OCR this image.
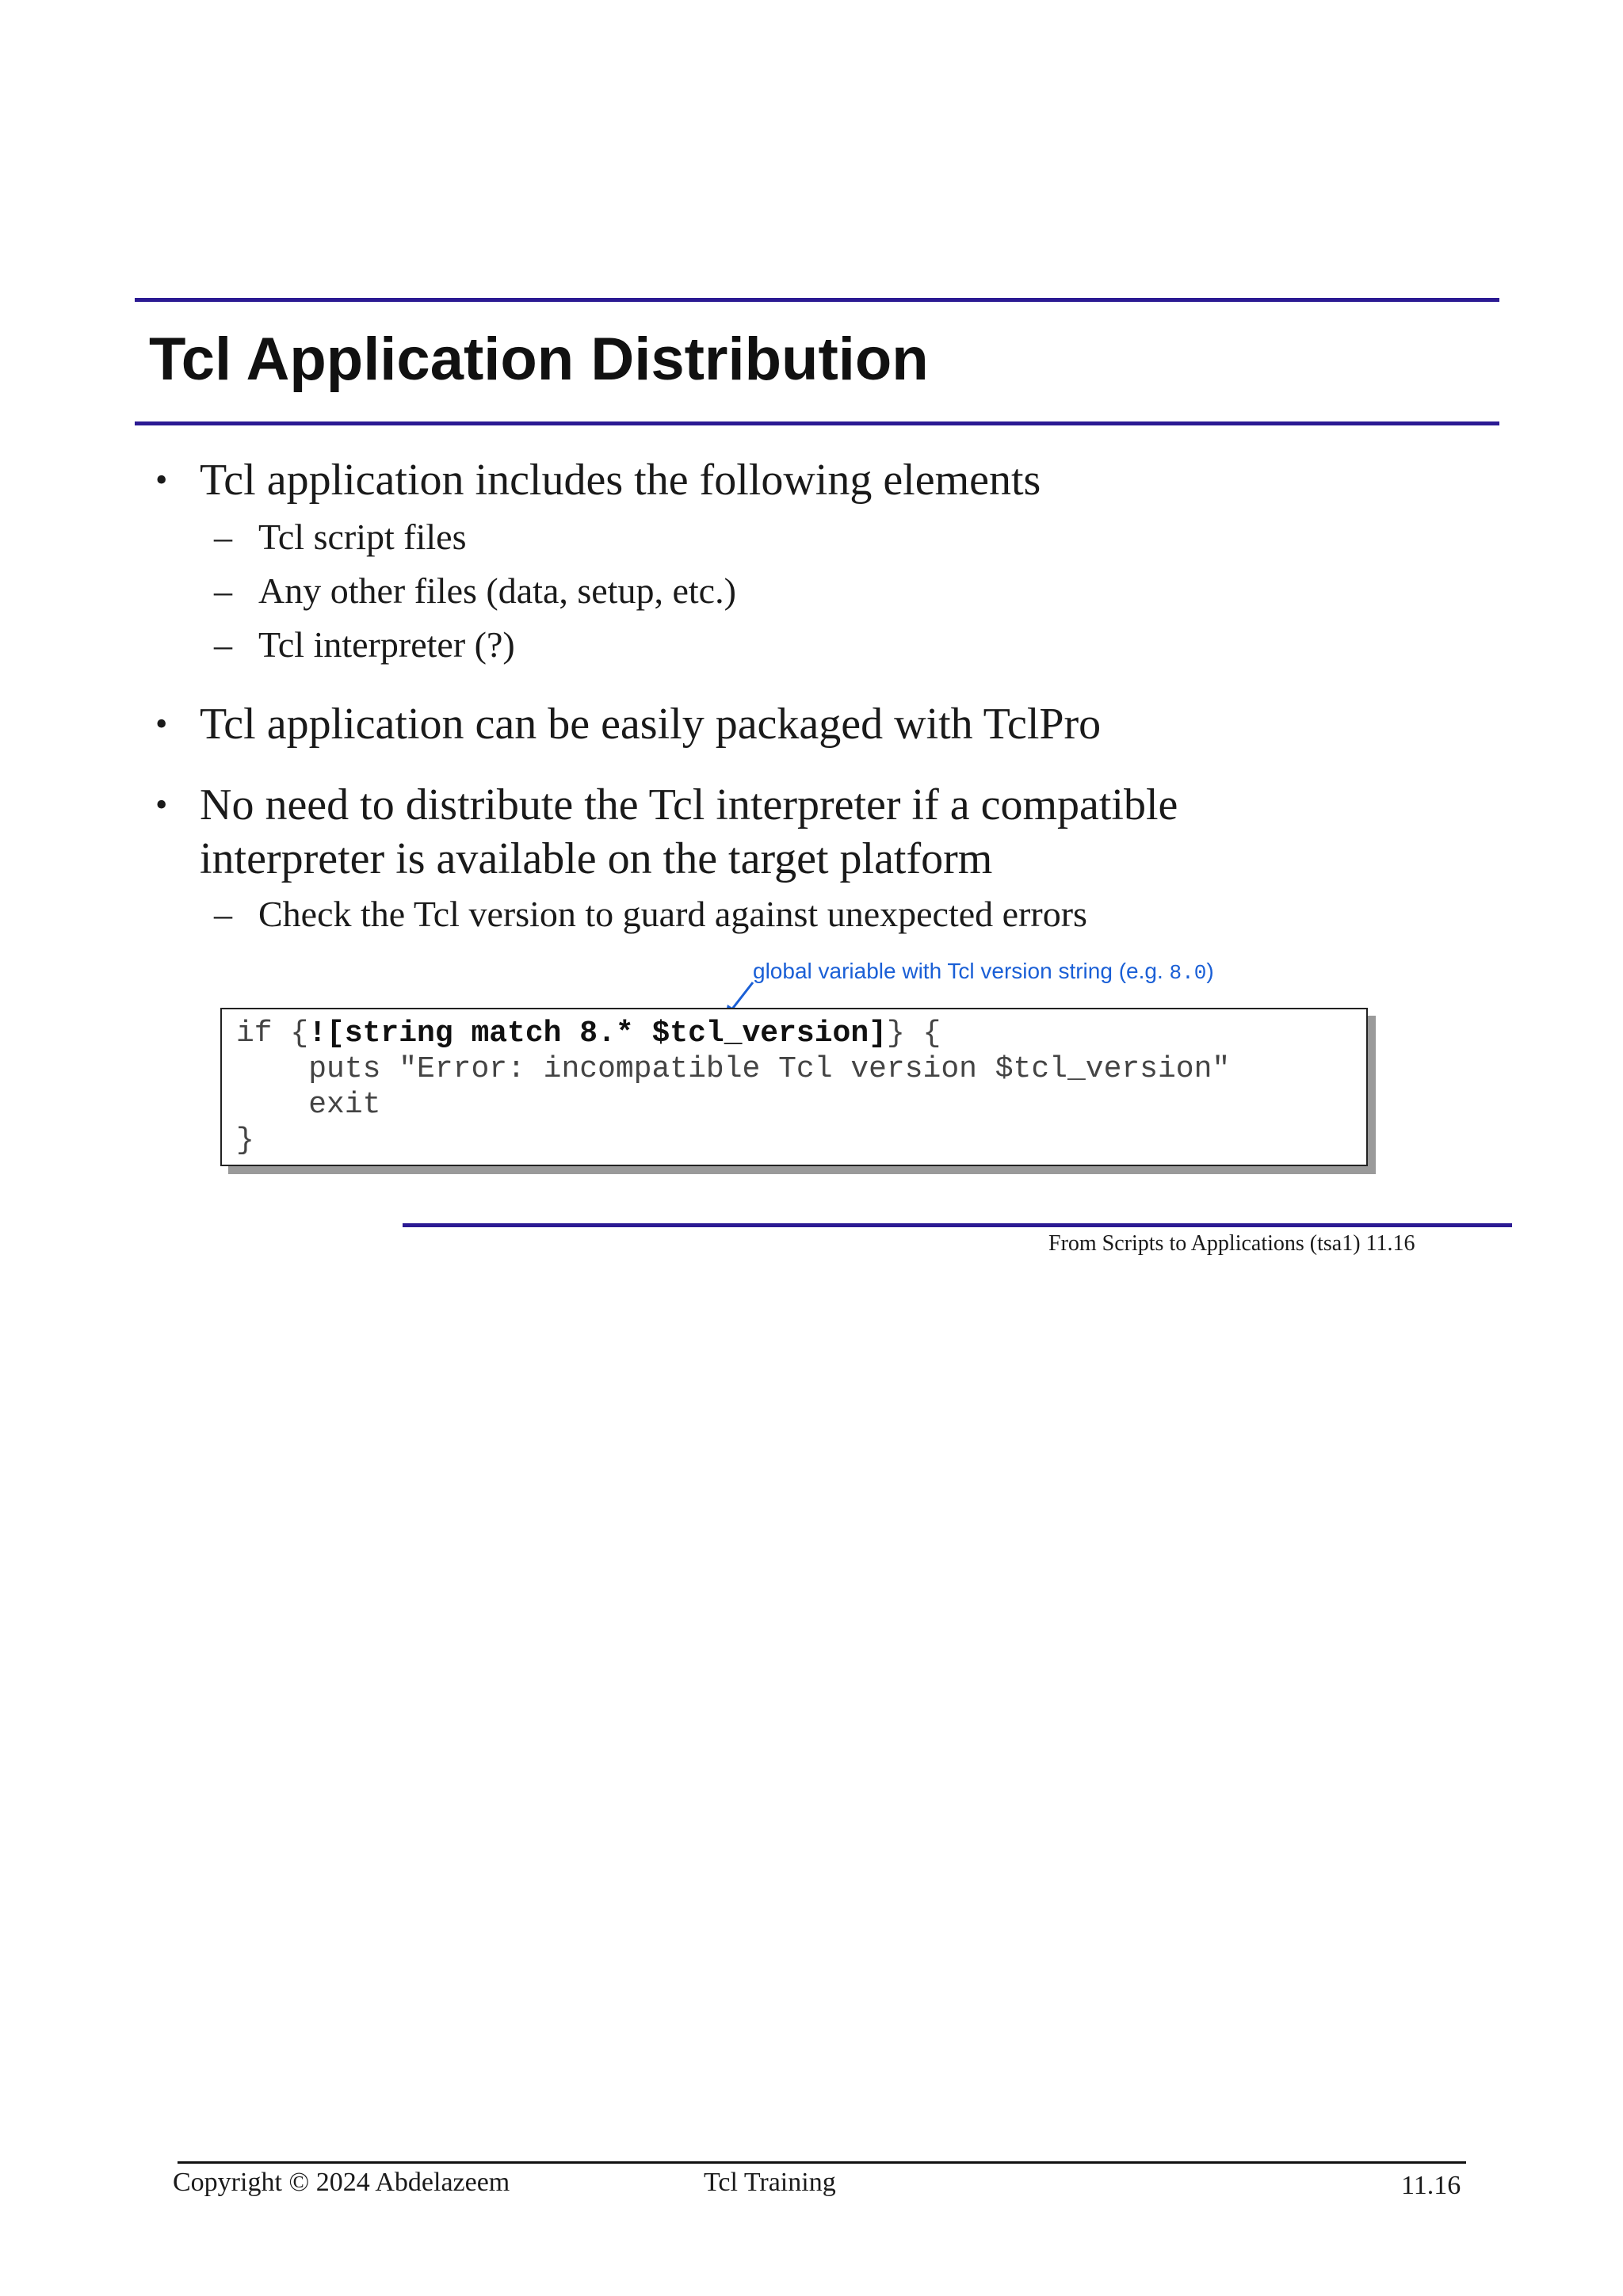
Tcl Application Distribution
• Tcl application includes the following elements
– Tcl script files
– Any other files (data, setup, etc.)
– Tcl interpreter (?)
• Tcl application can be easily packaged with TclPro
• No need to distribute the Tcl interpreter if a compatible
interpreter is available on the target platform
– Check the Tcl version to guard against unexpected errors
global variable with Tcl version string (e.g. 8.0)
if {![string match 8.* $tcl_version]} {
puts "Error: incompatible Tcl version $tcl_version"
exit
}
From Scripts to Applications (tsa1) 11.16
Copyright © 2024 Abdelazeem	Tcl Training	11.16
